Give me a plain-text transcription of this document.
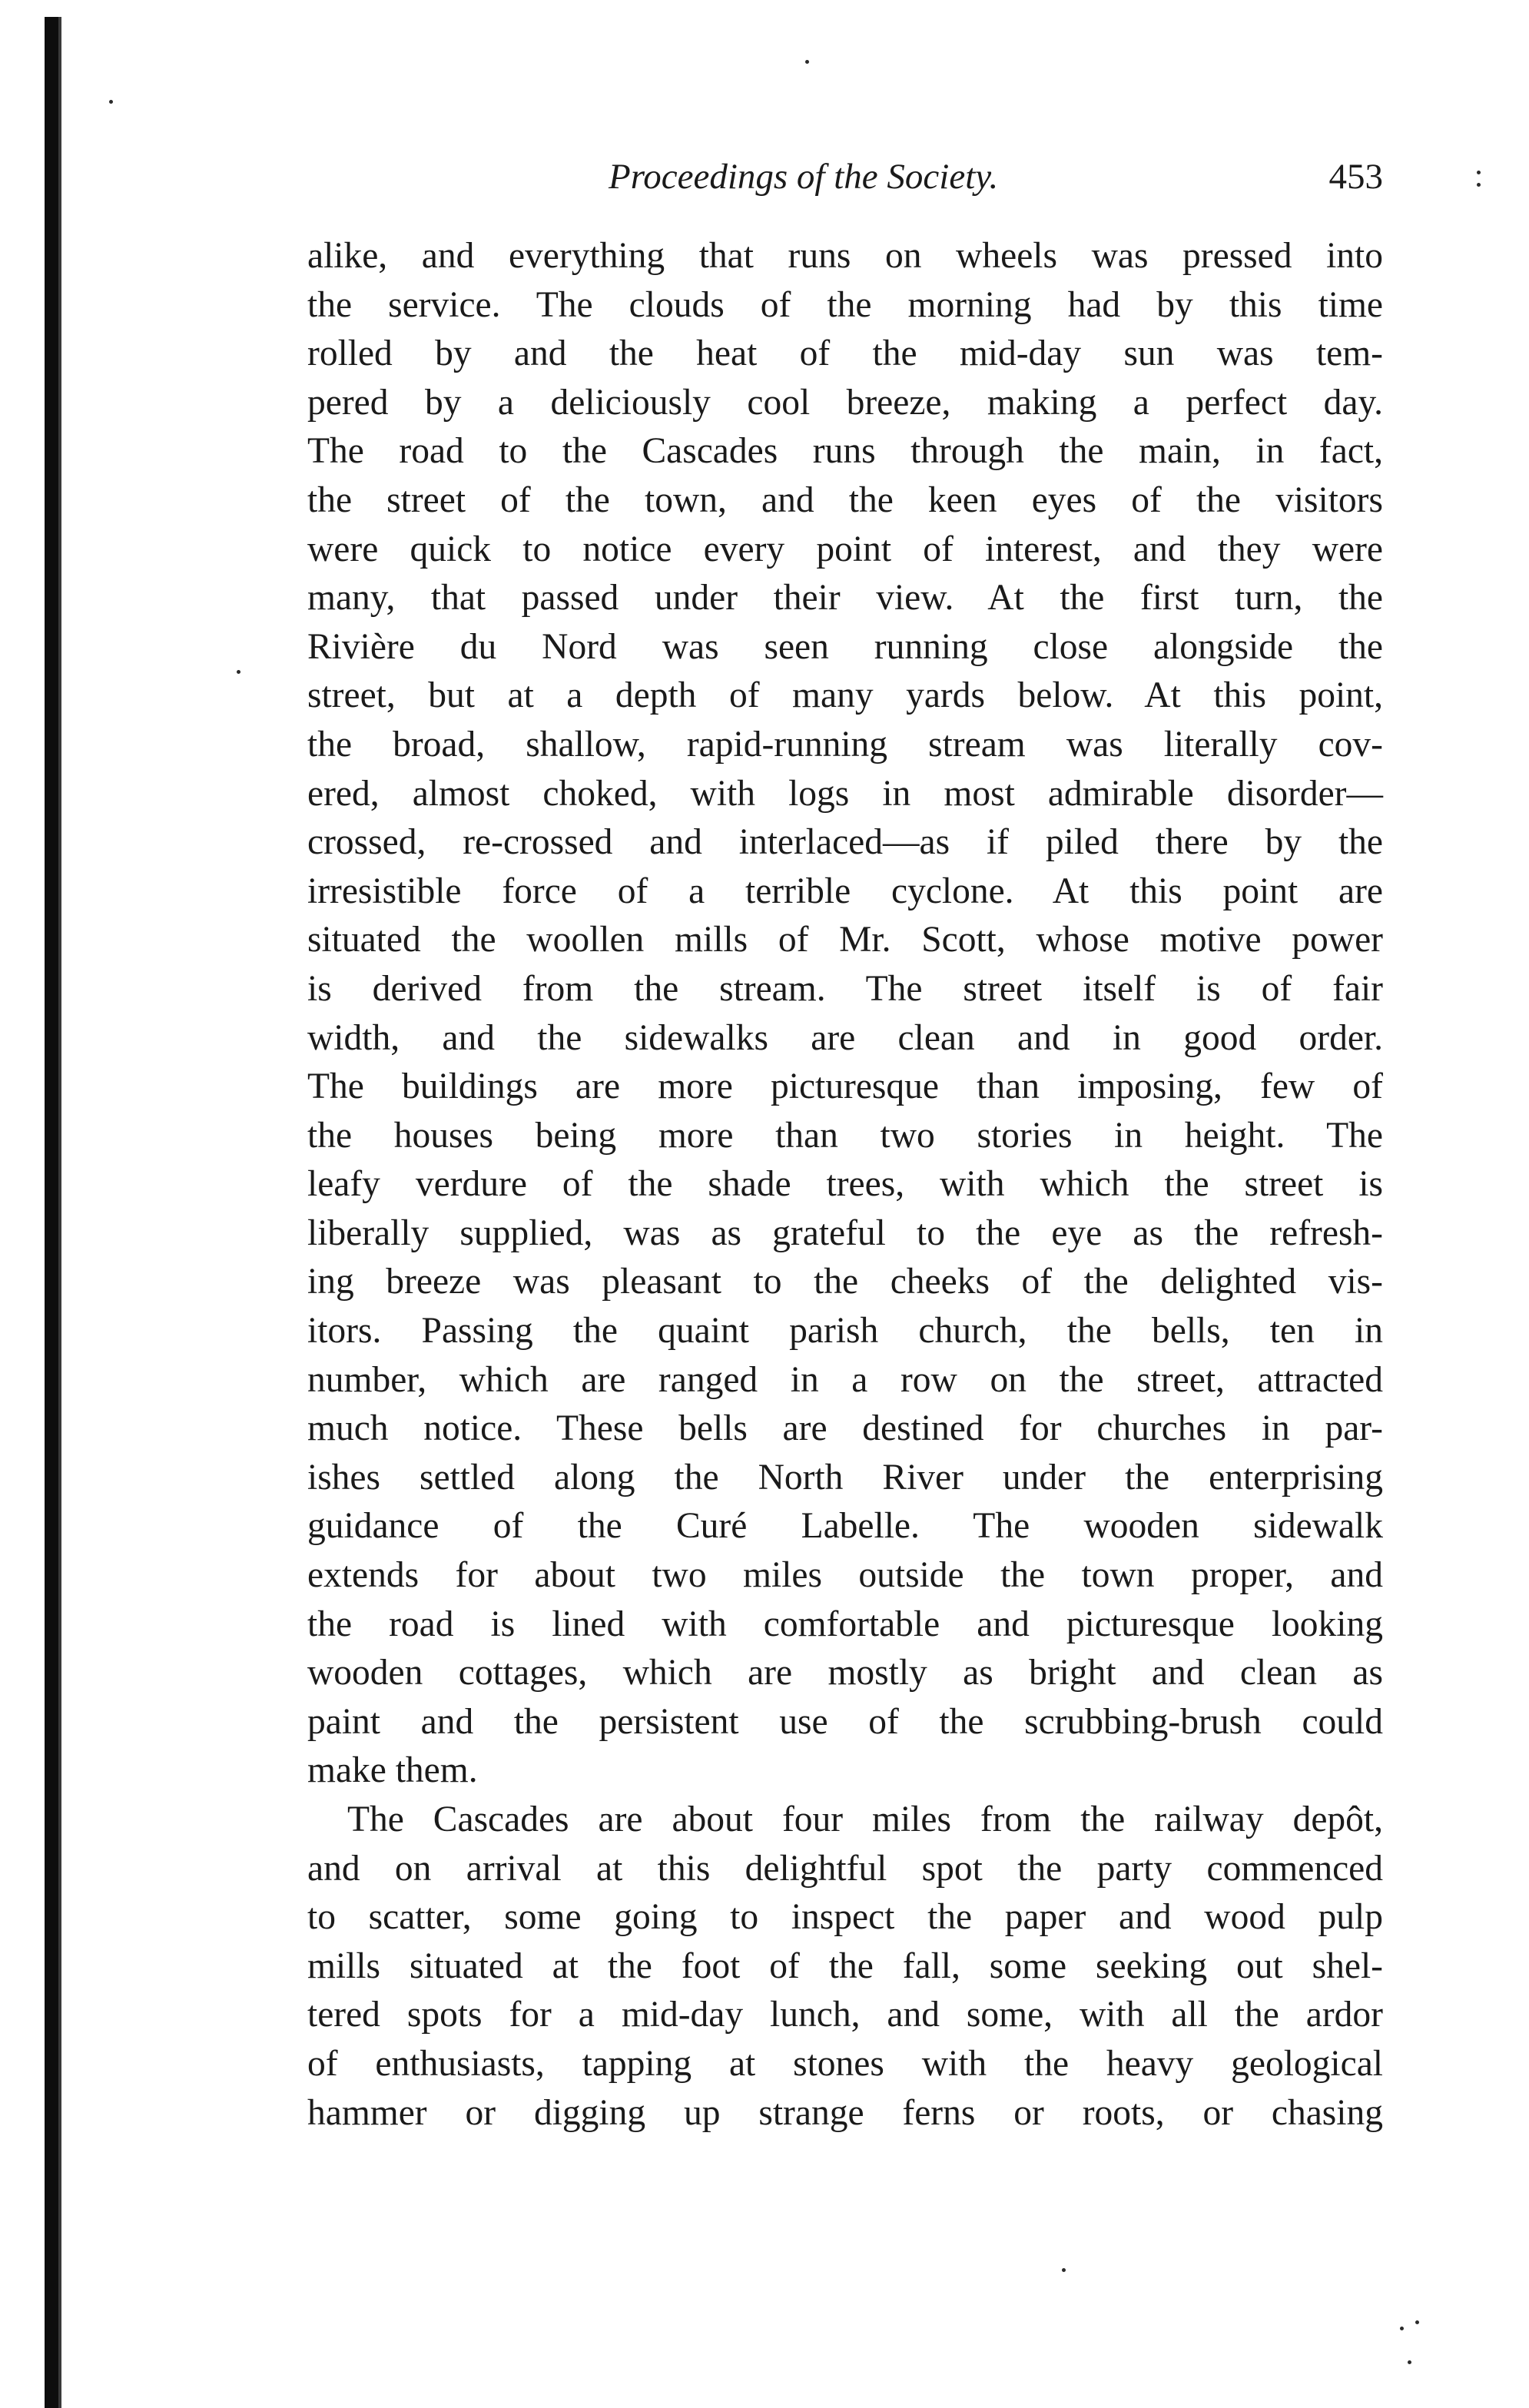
Proceedings of the Society.	453
alike, and everything that runs on wheels was pressed into
the service. The clouds of the morning had by this time
rolled by and the heat of the mid-day sun was tem-
pered by a deliciously cool breeze, making a perfect day.
The road to the Cascades runs through the main, in fact,
the street of the town, and the keen eyes of the visitors
were quick to notice every point of interest, and they were
many, that passed under their view. At the first turn, the
Rivière du Nord was seen running close alongside the
street, but at a depth of many yards below. At this point,
the broad, shallow, rapid-running stream was literally cov-
ered, almost choked, with logs in most admirable disorder—
crossed, re-crossed and interlaced—as if piled there by the
irresistible force of a terrible cyclone. At this point are
situated the woollen mills of Mr. Scott, whose motive power
is derived from the stream. The street itself is of fair
width, and the sidewalks are clean and in good order.
The buildings are more picturesque than imposing, few of
the houses being more than two stories in height. The
leafy verdure of the shade trees, with which the street is
liberally supplied, was as grateful to the eye as the refresh-
ing breeze was pleasant to the cheeks of the delighted vis-
itors. Passing the quaint parish church, the bells, ten in
number, which are ranged in a row on the street, attracted
much notice. These bells are destined for churches in par-
ishes settled along the North River under the enterprising
guidance of the Curé Labelle. The wooden sidewalk
extends for about two miles outside the town proper, and
the road is lined with comfortable and picturesque looking
wooden cottages, which are mostly as bright and clean as
paint and the persistent use of the scrubbing-brush could
make them.
The Cascades are about four miles from the railway depôt,
and on arrival at this delightful spot the party commenced
to scatter, some going to inspect the paper and wood pulp
mills situated at the foot of the fall, some seeking out shel-
tered spots for a mid-day lunch, and some, with all the ardor
of enthusiasts, tapping at stones with the heavy geological
hammer or digging up strange ferns or roots, or chasing
